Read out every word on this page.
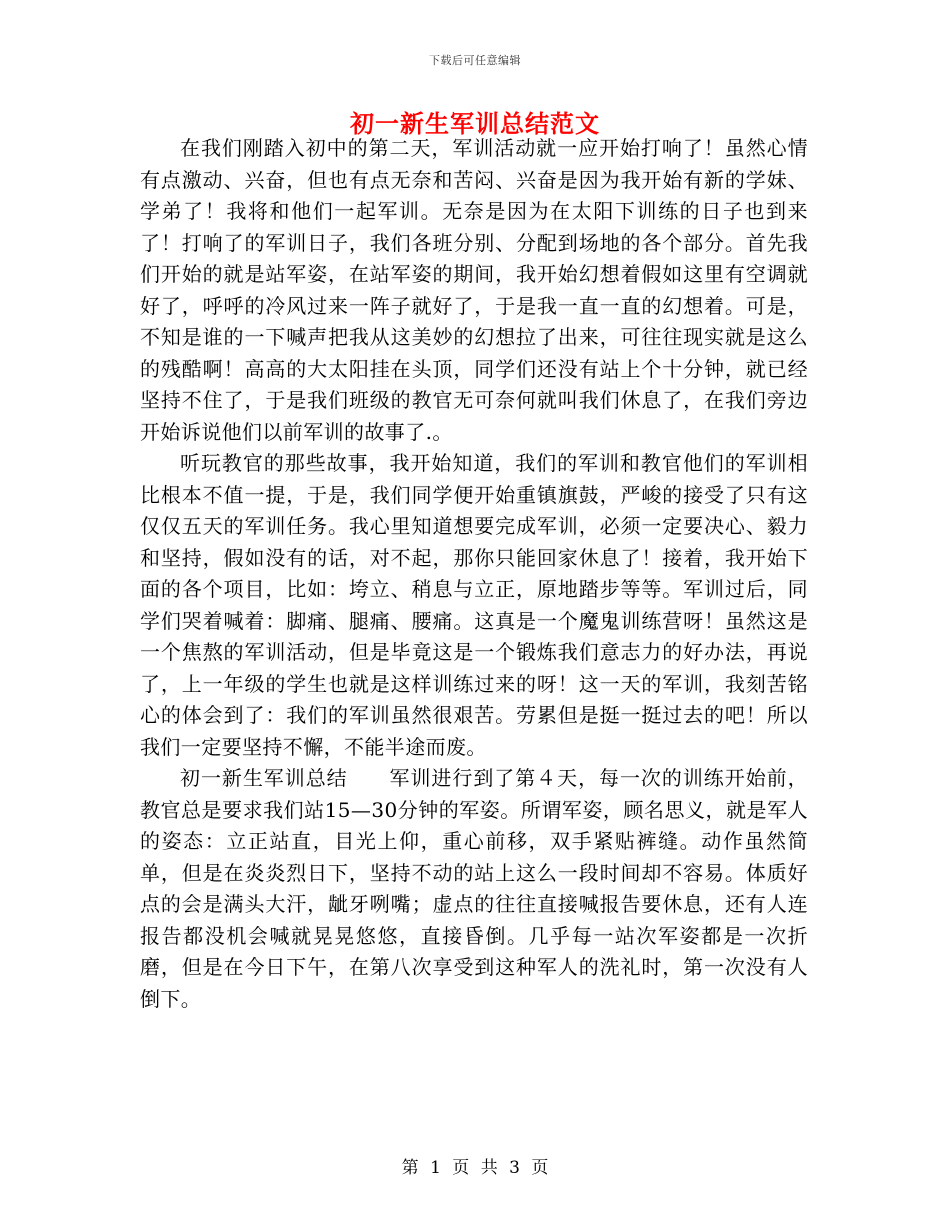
下载后可任意编辑
初一新生军训总结范文

在我们刚踏入初中的第二天，军训活动就一应开始打响了！虽然心情有点激动、兴奋，但也有点无奈和苦闷、兴奋是因为我开始有新的学妹、学弟了！我将和他们一起军训。无奈是因为在太阳下训练的日子也到来了！打响了的军训日子，我们各班分别、分配到场地的各个部分。首先我们开始的就是站军姿，在站军姿的期间，我开始幻想着假如这里有空调就好了，呼呼的冷风过来一阵子就好了，于是我一直一直的幻想着。可是，不知是谁的一下喊声把我从这美妙的幻想拉了出来，可往往现实就是这么的残酷啊！高高的大太阳挂在头顶，同学们还没有站上个十分钟，就已经坚持不住了，于是我们班级的教官无可奈何就叫我们休息了，在我们旁边开始诉说他们以前军训的故事了.。

听玩教官的那些故事，我开始知道，我们的军训和教官他们的军训相比根本不值一提，于是，我们同学便开始重镇旗鼓，严峻的接受了只有这仅仅五天的军训任务。我心里知道想要完成军训，必须一定要决心、毅力和坚持，假如没有的话，对不起，那你只能回家休息了！接着，我开始下面的各个项目，比如：垮立、稍息与立正，原地踏步等等。军训过后，同学们哭着喊着：脚痛、腿痛、腰痛。这真是一个魔鬼训练营呀！虽然这是一个焦熬的军训活动，但是毕竟这是一个锻炼我们意志力的好办法，再说了，上一年级的学生也就是这样训练过来的呀！这一天的军训，我刻苦铭心的体会到了：我们的军训虽然很艰苦。劳累但是挺一挺过去的吧！所以我们一定要坚持不懈，不能半途而废。

初一新生军训总结　　军训进行到了第４天，每一次的训练开始前，教官总是要求我们站15—30分钟的军姿。所谓军姿，顾名思义，就是军人的姿态：立正站直，目光上仰，重心前移，双手紧贴裤缝。动作虽然简单，但是在炎炎烈日下，坚持不动的站上这么一段时间却不容易。体质好点的会是满头大汗，龇牙咧嘴；虚点的往往直接喊报告要休息，还有人连报告都没机会喊就晃晃悠悠，直接昏倒。几乎每一站次军姿都是一次折磨，但是在今日下午，在第八次享受到这种军人的洗礼时，第一次没有人倒下。

第 1 页 共 3 页
